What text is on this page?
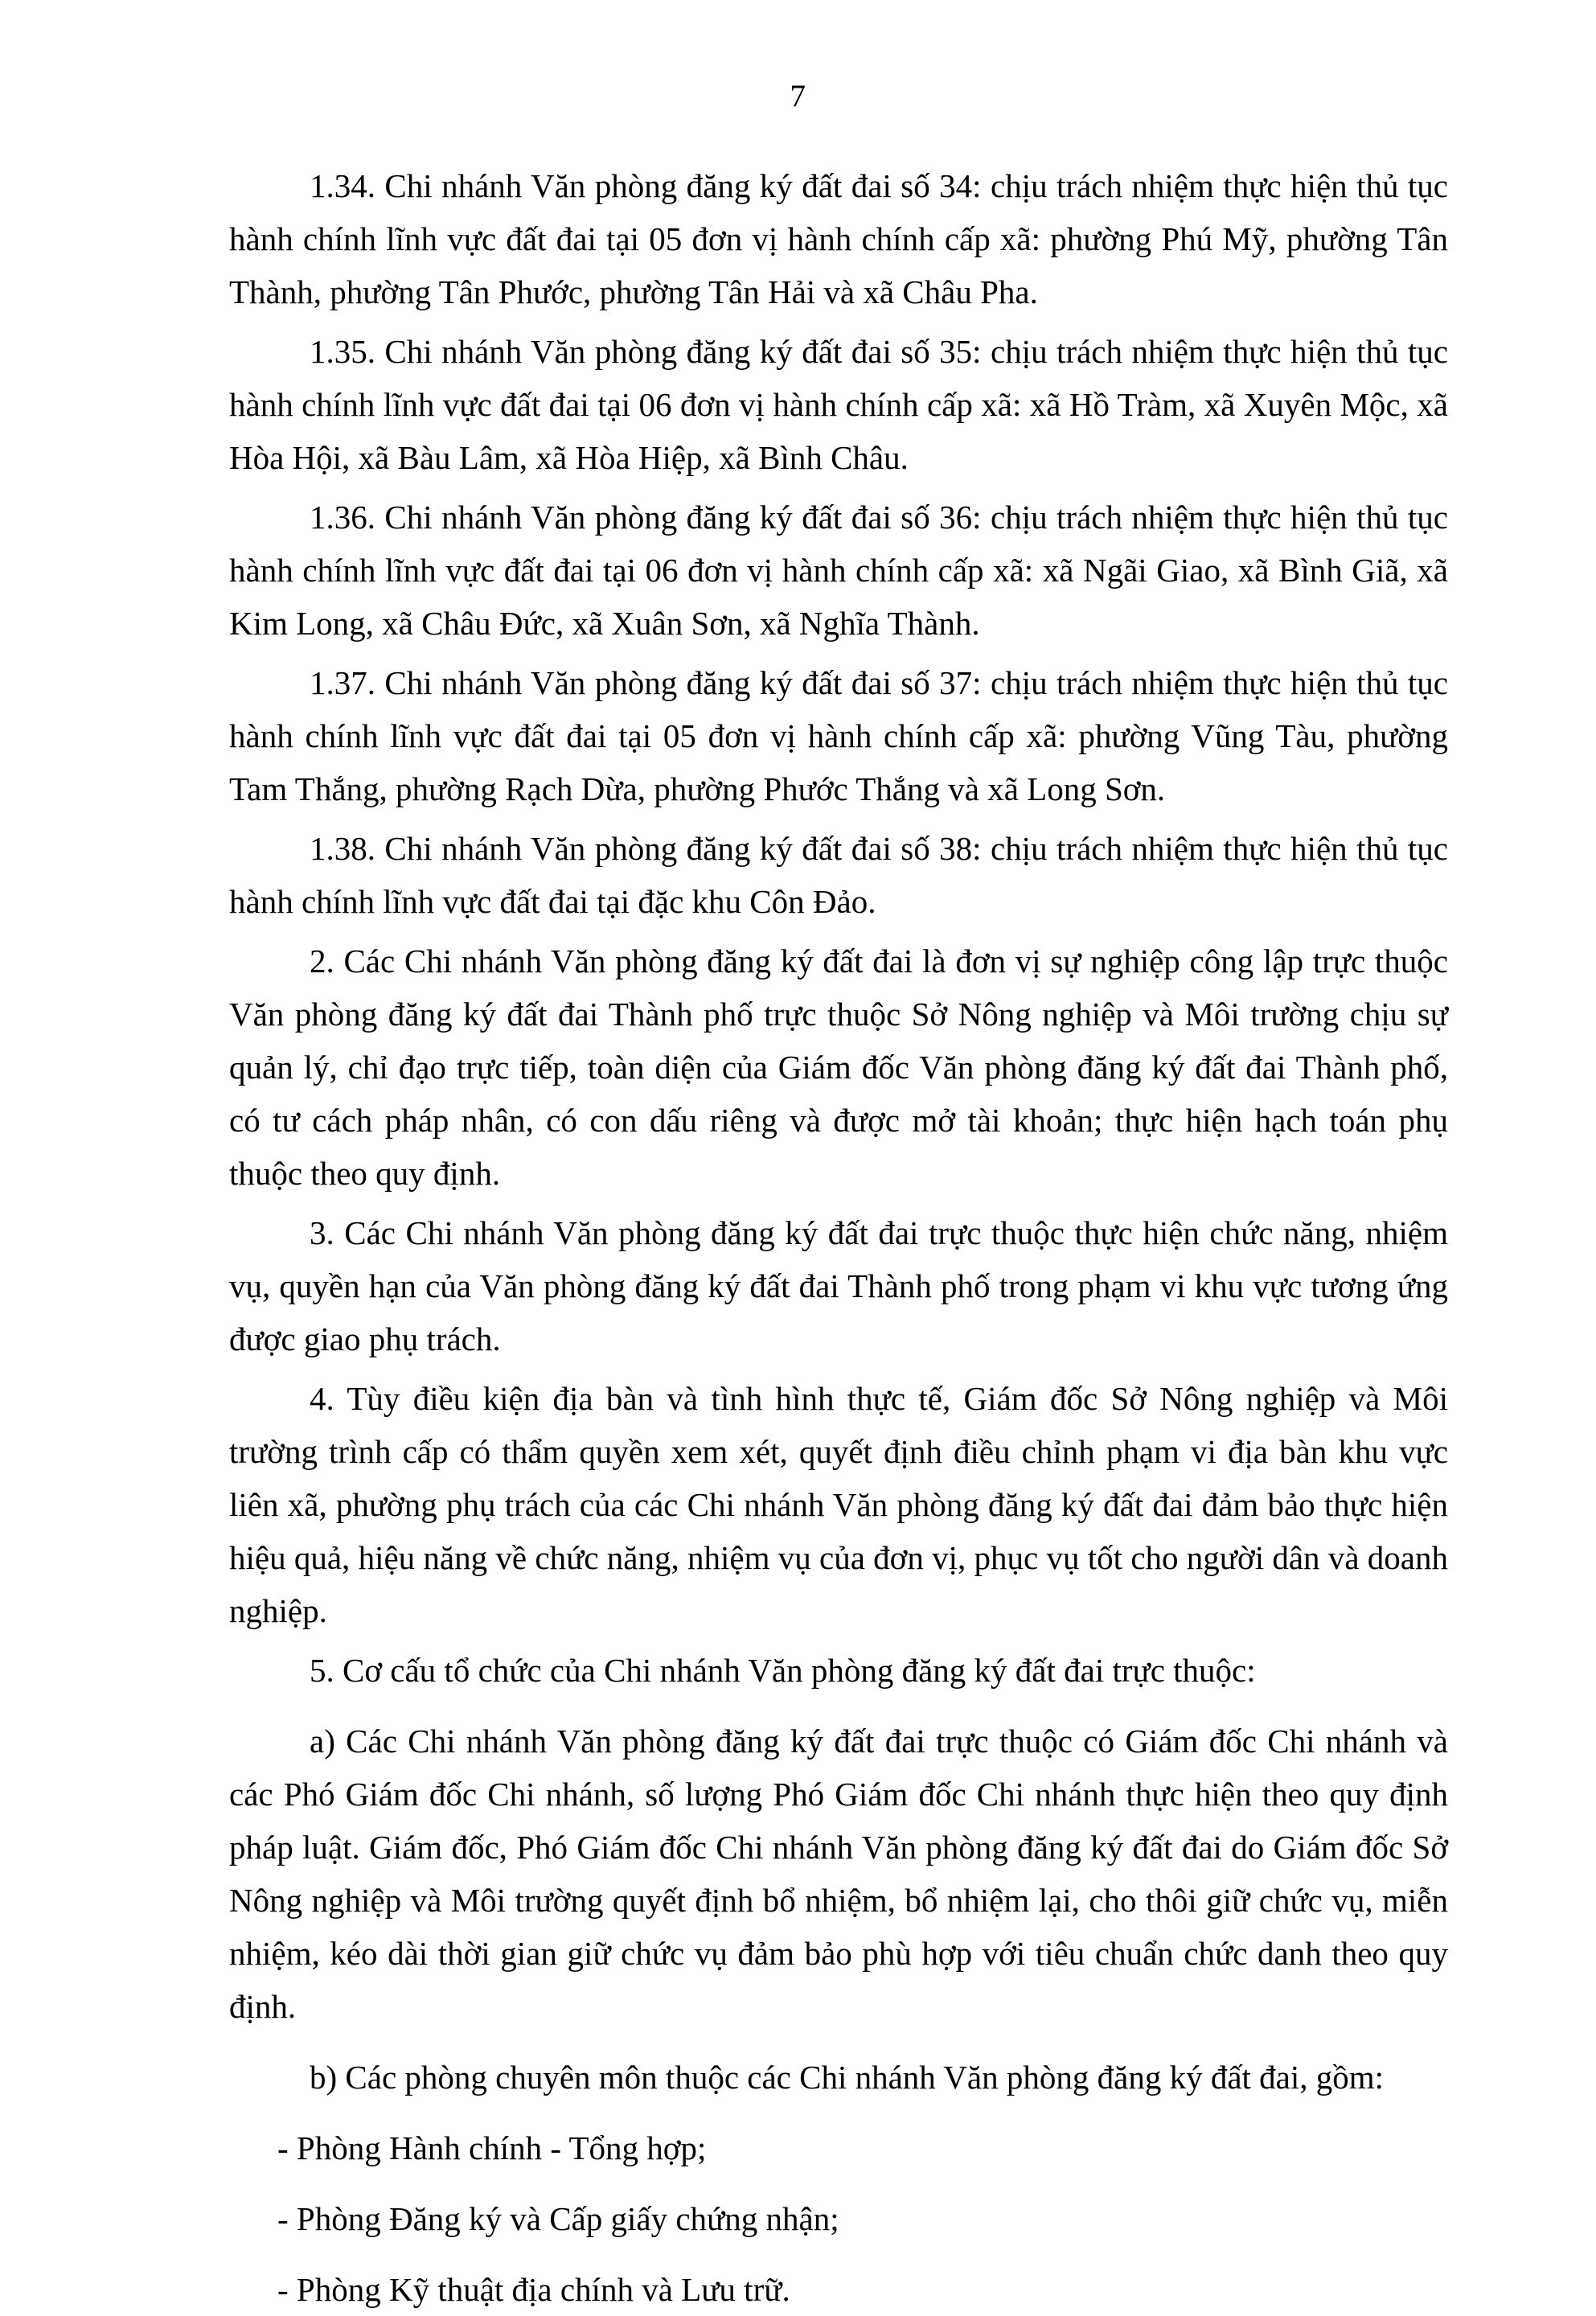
7

1.34. Chi nhánh Văn phòng đăng ký đất đai số 34: chịu trách nhiệm thực hiện thủ tục hành chính lĩnh vực đất đai tại 05 đơn vị hành chính cấp xã: phường Phú Mỹ, phường Tân Thành, phường Tân Phước, phường Tân Hải và xã Châu Pha.

1.35. Chi nhánh Văn phòng đăng ký đất đai số 35: chịu trách nhiệm thực hiện thủ tục hành chính lĩnh vực đất đai tại 06 đơn vị hành chính cấp xã: xã Hồ Tràm, xã Xuyên Mộc, xã Hòa Hội, xã Bàu Lâm, xã Hòa Hiệp, xã Bình Châu.

1.36. Chi nhánh Văn phòng đăng ký đất đai số 36: chịu trách nhiệm thực hiện thủ tục hành chính lĩnh vực đất đai tại 06 đơn vị hành chính cấp xã: xã Ngãi Giao, xã Bình Giã, xã Kim Long, xã Châu Đức, xã Xuân Sơn, xã Nghĩa Thành.

1.37. Chi nhánh Văn phòng đăng ký đất đai số 37: chịu trách nhiệm thực hiện thủ tục hành chính lĩnh vực đất đai tại 05 đơn vị hành chính cấp xã: phường Vũng Tàu, phường Tam Thắng, phường Rạch Dừa, phường Phước Thắng và xã Long Sơn.

1.38. Chi nhánh Văn phòng đăng ký đất đai số 38: chịu trách nhiệm thực hiện thủ tục hành chính lĩnh vực đất đai tại đặc khu Côn Đảo.

2. Các Chi nhánh Văn phòng đăng ký đất đai là đơn vị sự nghiệp công lập trực thuộc Văn phòng đăng ký đất đai Thành phố trực thuộc Sở Nông nghiệp và Môi trường chịu sự quản lý, chỉ đạo trực tiếp, toàn diện của Giám đốc Văn phòng đăng ký đất đai Thành phố, có tư cách pháp nhân, có con dấu riêng và được mở tài khoản; thực hiện hạch toán phụ thuộc theo quy định.

3. Các Chi nhánh Văn phòng đăng ký đất đai trực thuộc thực hiện chức năng, nhiệm vụ, quyền hạn của Văn phòng đăng ký đất đai Thành phố trong phạm vi khu vực tương ứng được giao phụ trách.

4. Tùy điều kiện địa bàn và tình hình thực tế, Giám đốc Sở Nông nghiệp và Môi trường trình cấp có thẩm quyền xem xét, quyết định điều chỉnh phạm vi địa bàn khu vực liên xã, phường phụ trách của các Chi nhánh Văn phòng đăng ký đất đai đảm bảo thực hiện hiệu quả, hiệu năng về chức năng, nhiệm vụ của đơn vị, phục vụ tốt cho người dân và doanh nghiệp.

5. Cơ cấu tổ chức của Chi nhánh Văn phòng đăng ký đất đai trực thuộc:

a) Các Chi nhánh Văn phòng đăng ký đất đai trực thuộc có Giám đốc Chi nhánh và các Phó Giám đốc Chi nhánh, số lượng Phó Giám đốc Chi nhánh thực hiện theo quy định pháp luật. Giám đốc, Phó Giám đốc Chi nhánh Văn phòng đăng ký đất đai do Giám đốc Sở Nông nghiệp và Môi trường quyết định bổ nhiệm, bổ nhiệm lại, cho thôi giữ chức vụ, miễn nhiệm, kéo dài thời gian giữ chức vụ đảm bảo phù hợp với tiêu chuẩn chức danh theo quy định.

b) Các phòng chuyên môn thuộc các Chi nhánh Văn phòng đăng ký đất đai, gồm:

- Phòng Hành chính - Tổng hợp;

- Phòng Đăng ký và Cấp giấy chứng nhận;

- Phòng Kỹ thuật địa chính và Lưu trữ.
